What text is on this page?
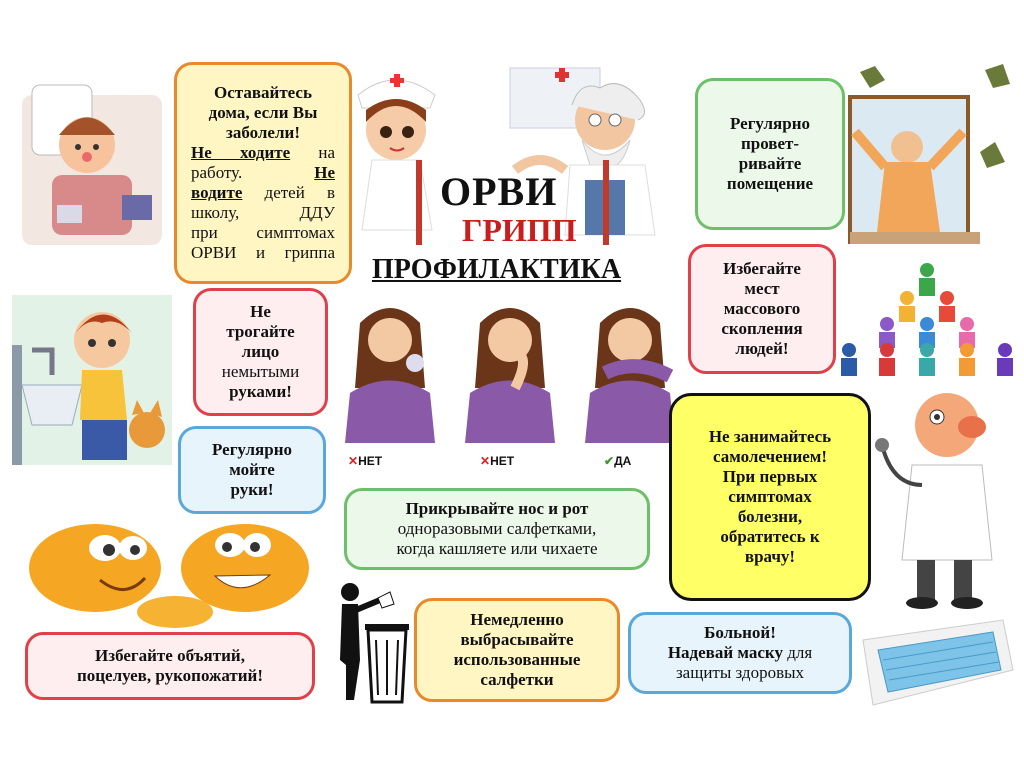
ОРВИ
ГРИПП
ПРОФИЛАКТИКА
✕НЕТ	✕НЕТ	✔ДА
Оставайтесь
дома, если Вы
заболели!
Не ходите на
работу. Не
водите детей в
школу, ДДУ
при симптомах
ОРВИ и гриппа
Регулярно
провет-
ривайте
помещение
Избегайте
мест
массового
скопления
людей!
Не
трогайте
лицо
немытыми
руками!
Регулярно
мойте
руки!
Прикрывайте нос и рот
одноразовыми салфетками,
когда кашляете или чихаете
Не занимайтесь
самолечением!
При первых
симптомах
болезни,
обратитесь к
врачу!
Избегайте объятий,
поцелуев, рукопожатий!
Немедленно
выбрасывайте
использованные
салфетки
Больной!
Надевай маску для
защиты здоровых
